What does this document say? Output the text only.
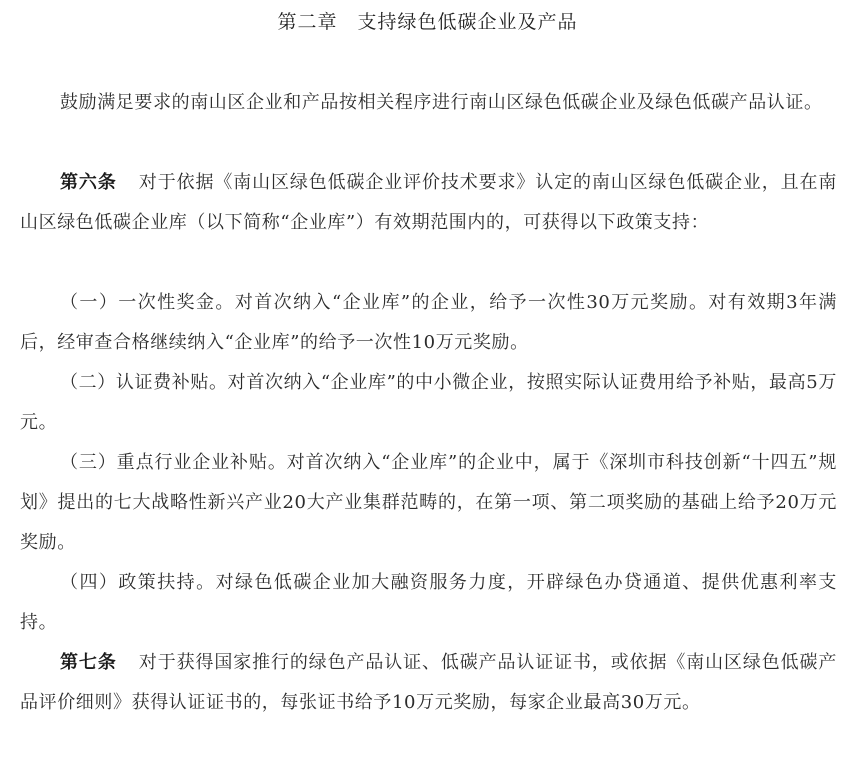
第二章　支持绿色低碳企业及产品

鼓励满足要求的南山区企业和产品按相关程序进行南山区绿色低碳企业及绿色低碳产品认证。

第六条 对于依据《南山区绿色低碳企业评价技术要求》认定的南山区绿色低碳企业，且在南山区绿色低碳企业库（以下简称“企业库”）有效期范围内的，可获得以下政策支持：

（一）一次性奖金。对首次纳入“企业库”的企业，给予一次性30万元奖励。对有效期3年满后，经审查合格继续纳入“企业库”的给予一次性10万元奖励。

（二）认证费补贴。对首次纳入“企业库”的中小微企业，按照实际认证费用给予补贴，最高5万元。

（三）重点行业企业补贴。对首次纳入“企业库”的企业中，属于《深圳市科技创新“十四五”规划》提出的七大战略性新兴产业20大产业集群范畴的，在第一项、第二项奖励的基础上给予20万元奖励。

（四）政策扶持。对绿色低碳企业加大融资服务力度，开辟绿色办贷通道、提供优惠利率支持。

第七条 对于获得国家推行的绿色产品认证、低碳产品认证证书，或依据《南山区绿色低碳产品评价细则》获得认证证书的，每张证书给予10万元奖励，每家企业最高30万元。
